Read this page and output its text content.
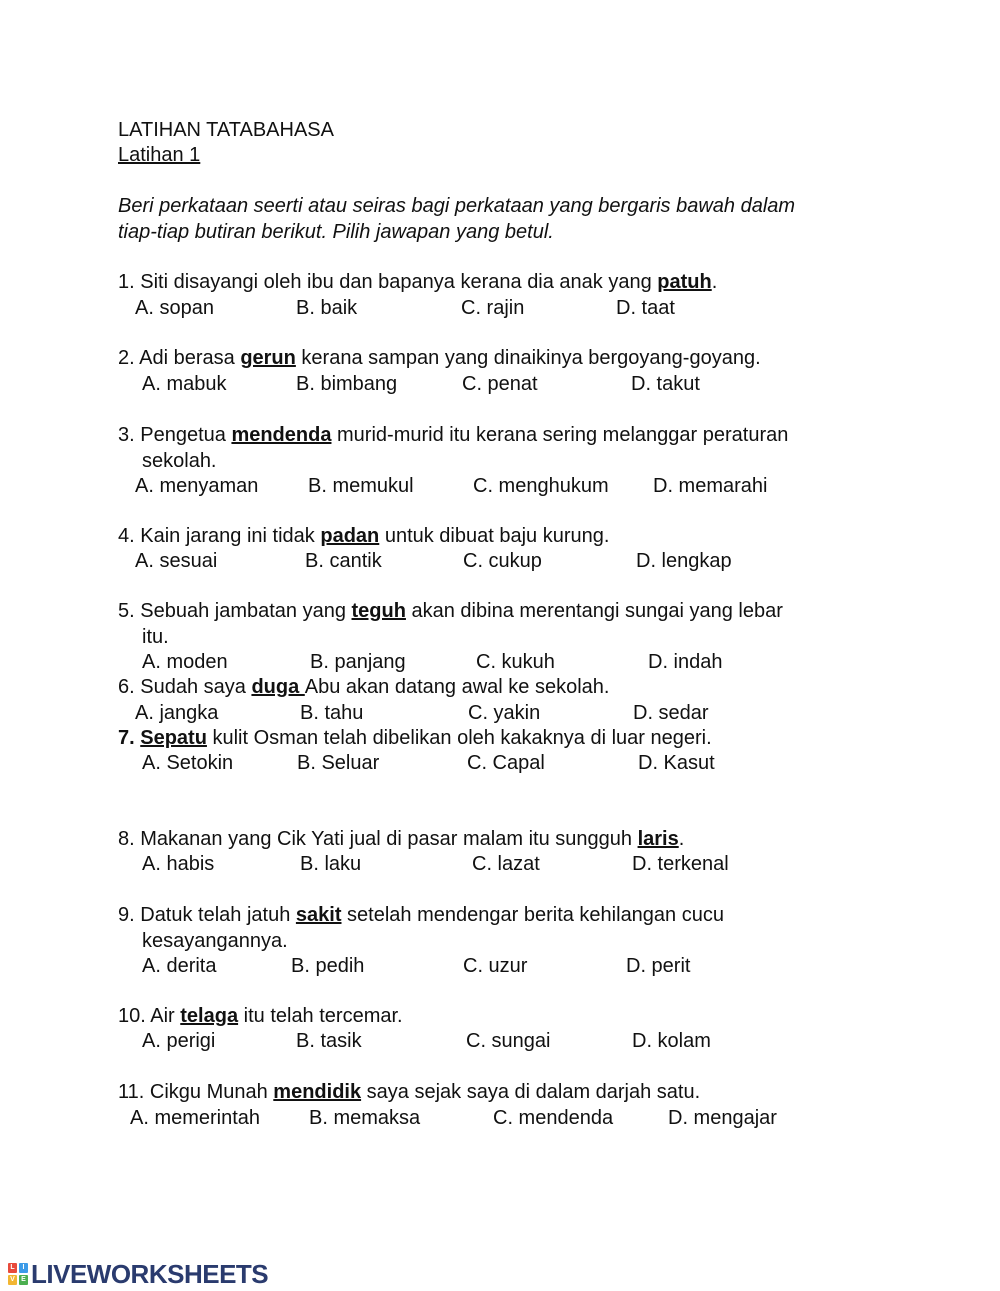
LATIHAN TATABAHASA
Latihan 1
Beri perkataan seerti atau seiras bagi perkataan yang bergaris bawah dalam
tiap-tiap butiran berikut. Pilih jawapan yang betul.
1. Siti disayangi oleh ibu dan bapanya kerana dia anak yang patuh.
A. sopan	B. baik	C. rajin	D. taat
2. Adi berasa gerun kerana sampan yang dinaikinya bergoyang-goyang.
A. mabuk	B. bimbang	C. penat	D. takut
3. Pengetua mendenda murid-murid itu kerana sering melanggar peraturan
sekolah.
A. menyaman B. memukul	C. menghukum D. memarahi
4. Kain jarang ini tidak padan untuk dibuat baju kurung.
A. sesuai	B. cantik	C. cukup	D. lengkap
5. Sebuah jambatan yang teguh akan dibina merentangi sungai yang lebar
itu.
A. moden	B. panjang	C. kukuh	D. indah
6. Sudah saya duga Abu akan datang awal ke sekolah.
A. jangka	B. tahu	C. yakin	D. sedar
7. Sepatu kulit Osman telah dibelikan oleh kakaknya di luar negeri.
A. Setokin	B. Seluar	C. Capal	D. Kasut
8. Makanan yang Cik Yati jual di pasar malam itu sungguh laris.
A. habis	B. laku	C. lazat	D. terkenal
9. Datuk telah jatuh sakit setelah mendengar berita kehilangan cucu
kesayangannya.
A. derita	B. pedih	C. uzur	D. perit
10. Air telaga itu telah tercemar.
A. perigi	B. tasik	C. sungai	D. kolam
11. Cikgu Munah mendidik saya sejak saya di dalam darjah satu.
A. memerintah B. memaksa	C. mendenda	D. mengajar
L	I
V E LIVEWORKSHEETS
